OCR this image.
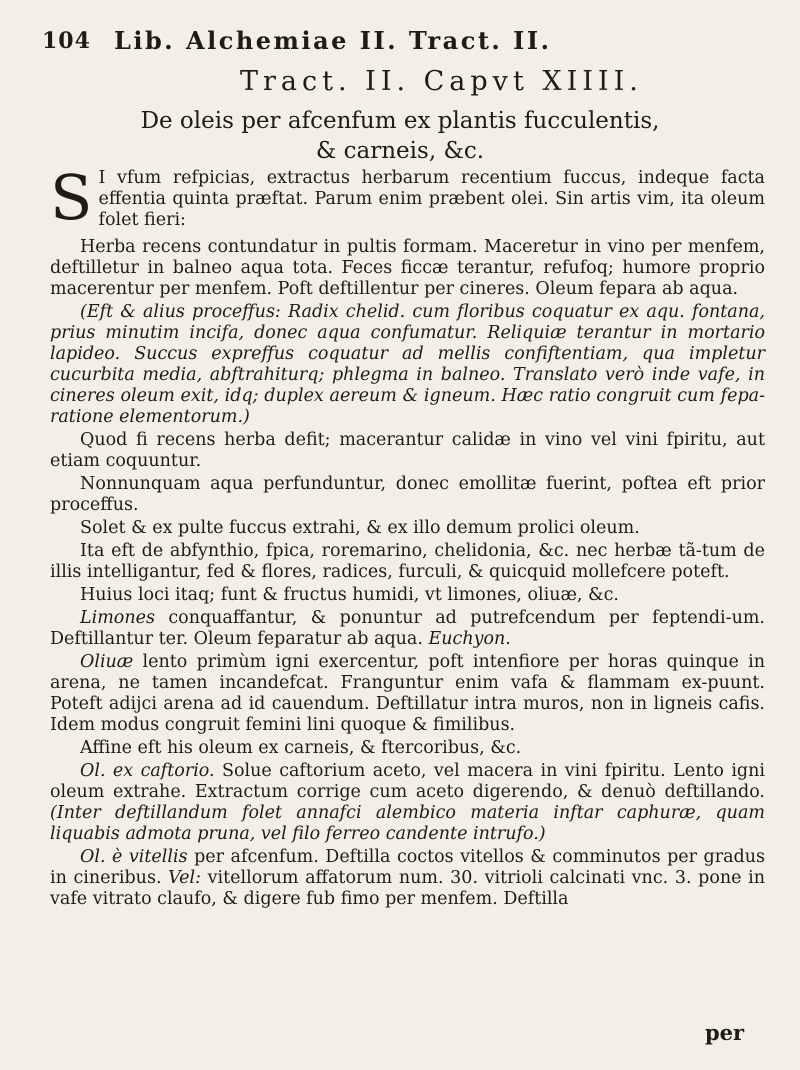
104 Lib. Alchemiae II. Tract. II.
Tract. II. Capvt XIIII.
De oleis per afcenfum ex plantis fucculentis,
& carneis, &c.

S I vfum refpicias, extractus herbarum recentium fuccus, indeque facta effentia quinta præftat. Parum enim præbent olei. Sin artis vim, ita oleum folet fieri:

Herba recens contundatur in pultis formam. Maceretur in vino per menfem, deftilletur in balneo aqua tota. Feces ficcæ terantur, refufoq; humore proprio macerentur per menfem. Poft deftillentur per cineres. Oleum fepara ab aqua.

(Eft & alius proceffus: Radix chelid. cum floribus coquatur ex aqu. fontana, prius minutim incifa, donec aqua confumatur. Reliquiæ terantur in mortario lapideo. Succus expreffus coquatur ad mellis confiftentiam, qua impletur cucurbita media, abftrahiturq; phlegma in balneo. Translato verò inde vafe, in cineres oleum exit, idq; duplex aereum & igneum. Hæc ratio congruit cum fepa-ratione elementorum.)

Quod fi recens herba defit; macerantur calidæ in vino vel vini fpiritu, aut etiam coquuntur.

Nonnunquam aqua perfunduntur, donec emollitæ fuerint, poftea eft prior proceffus.

Solet & ex pulte fuccus extrahi, & ex illo demum prolici oleum.

Ita eft de abfynthio, fpica, roremarino, chelidonia, &c. nec herbæ tã-tum de illis intelligantur, fed & flores, radices, furculi, & quicquid mollefcere poteft.

Huius loci itaq; funt & fructus humidi, vt limones, oliuæ, &c.

Limones conquaffantur, & ponuntur ad putrefcendum per feptendi-um. Deftillantur ter. Oleum feparatur ab aqua. Euchyon.

Oliuæ lento primùm igni exercentur, poft intenfiore per horas quinque in arena, ne tamen incandefcat. Franguntur enim vafa & flammam ex-puunt. Poteft adijci arena ad id cauendum. Deftillatur intra muros, non in ligneis cafis. Idem modus congruit femini lini quoque & fimilibus.

Affine eft his oleum ex carneis, & ftercoribus, &c.

Ol. ex caftorio. Solue caftorium aceto, vel macera in vini fpiritu. Lento igni oleum extrahe. Extractum corrige cum aceto digerendo, & denuò deftillando. (Inter deftillandum folet annafci alembico materia inftar caphuræ, quam liquabis admota pruna, vel filo ferreo candente intrufo.)

Ol. è vitellis per afcenfum. Deftilla coctos vitellos & comminutos per gradus in cineribus. Vel: vitellorum affatorum num. 30. vitrioli calcinati vnc. 3. pone in vafe vitrato claufo, & digere fub fimo per menfem. Deftilla

per
